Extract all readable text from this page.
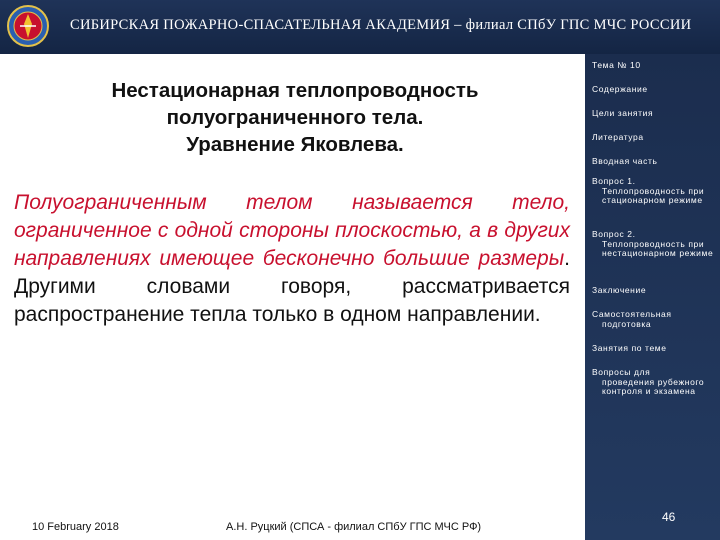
СИБИРСКАЯ ПОЖАРНО-СПАСАТЕЛЬНАЯ АКАДЕМИЯ – филиал СПбУ ГПС МЧС РОССИИ
Нестационарная теплопроводность
полуограниченного тела.
Уравнение Яковлева.

Полуограниченным телом называется тело, ограниченное с одной стороны плоскостью, а в других направлениях имеющее бесконечно большие размеры.

Другими словами говоря, рассматривается распространение тепла только в одном направлении.

Тема № 10
Содержание
Цели занятия
Литература
Вводная часть
Вопрос 1.
Теплопроводность при стационарном режиме
Вопрос 2.
Теплопроводность при нестационарном режиме
Заключение
Самостоятельная
подготовка
Занятия по теме
Вопросы для
проведения рубежного контроля и экзамена
46
10 February 2018	А.Н. Руцкий (СПСА - филиал СПбУ ГПС МЧС РФ)
